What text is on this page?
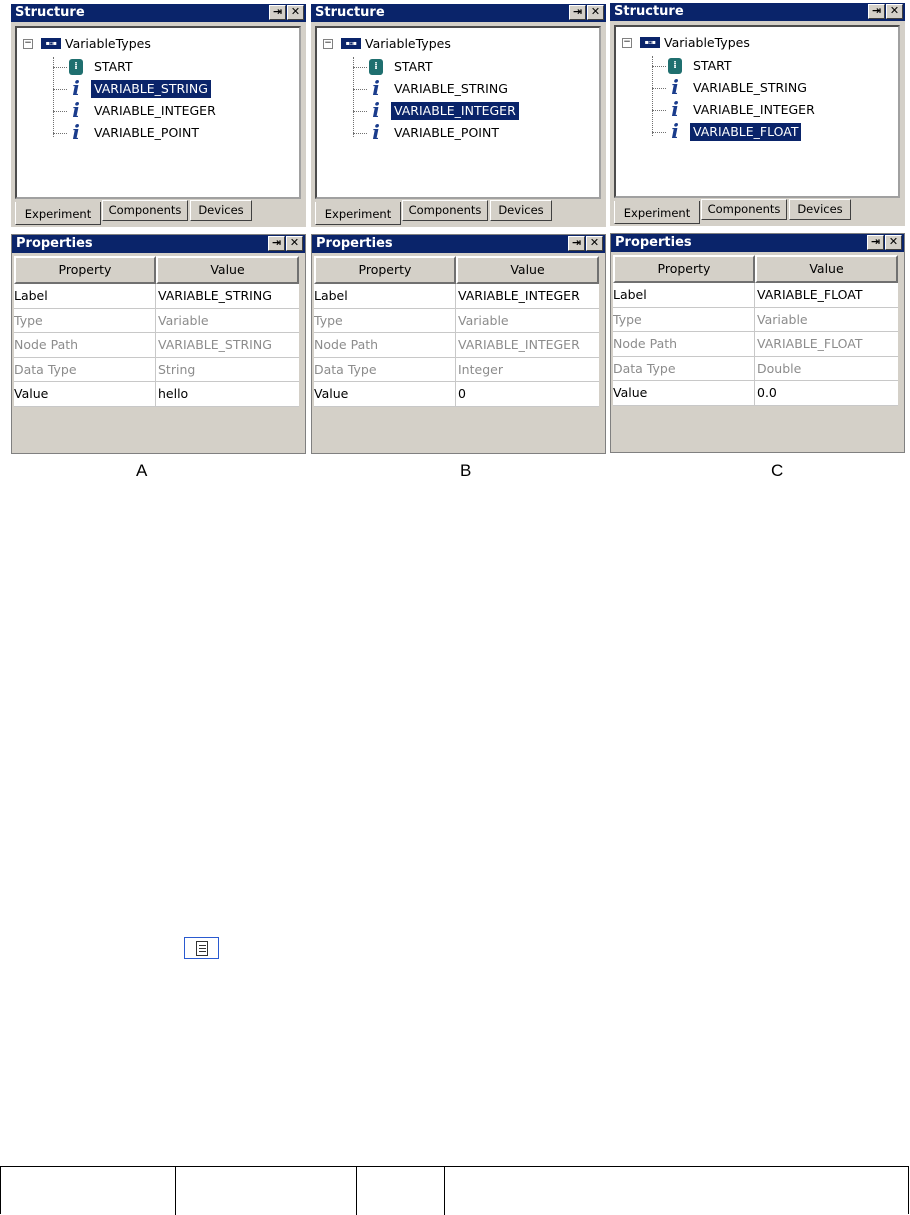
Structure	⇥ ✕
−	▪▫▪ VariableTypes
⁞	START
i VARIABLE_STRING
i VARIABLE_INTEGER
i VARIABLE_POINT
Experiment	Components	Devices
Properties	⇥ ✕
Property	Value
Label	VARIABLE_STRING
Type	Variable
Node Path	VARIABLE_STRING
Data Type	String
Value	hello
Structure	⇥ ✕
−	▪▫▪ VariableTypes
⁞	START
i VARIABLE_STRING
i VARIABLE_INTEGER
i VARIABLE_POINT
Experiment	Components	Devices
Properties	⇥ ✕
Property	Value
Label	VARIABLE_INTEGER
Type	Variable
Node Path	VARIABLE_INTEGER
Data Type	Integer
Value	0
Structure	⇥ ✕
−	▪▫▪ VariableTypes
⁞	START
i VARIABLE_STRING
i VARIABLE_INTEGER
i VARIABLE_FLOAT
Experiment	Components	Devices
Properties	⇥ ✕
Property	Value
Label	VARIABLE_FLOAT
Type	Variable
Node Path	VARIABLE_FLOAT
Data Type	Double
Value	0.0
A	B	C
